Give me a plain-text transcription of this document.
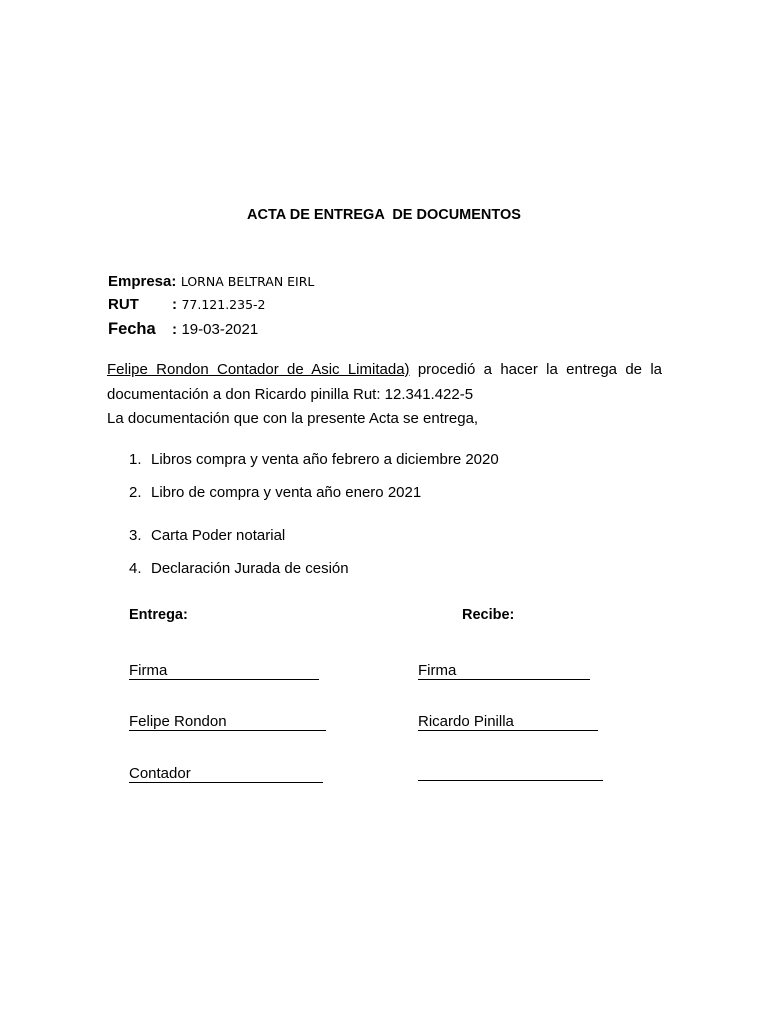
ACTA DE ENTREGA  DE DOCUMENTOS
Empresa: LORNA BELTRAN EIRL
RUT : 77.121.235-2
Fecha : 19-03-2021
Felipe Rondon Contador de Asic Limitada) procedió a hacer la entrega de la
documentación a don Ricardo pinilla Rut: 12.341.422-5
La documentación que con la presente Acta se entrega,
1. Libros compra y venta año febrero a diciembre 2020
2. Libro de compra y venta año enero 2021
3. Carta Poder notarial
4. Declaración Jurada de cesión
Entrega:	Recibe:
Firma
Felipe Rondon
Contador
Firma
Ricardo Pinilla
